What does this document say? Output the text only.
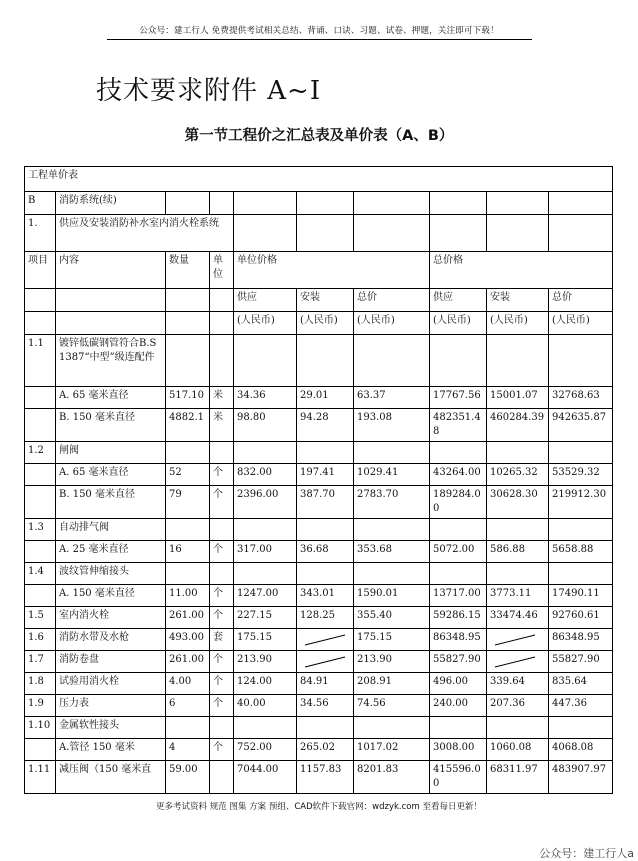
公众号：建工行人 免费提供考试相关总结、背诵、口诀、习题、试卷、押题，关注即可下载！
技术要求附件 A~I
第一节工程价之汇总表及单价表（A、B）
工程单价表									
B	消防系统(续)								
1.	供应及安装消防补水室内消火栓系统								
项目	内容	数量	单位	单位价格			总价格		
				供应	安装	总价	供应	安装	总价
				(人民币)	(人民币)	(人民币)	(人民币)	(人民币)	(人民币)
1.1	镀锌低碳钢管符合B.S1387“中型”级连配件								
	A. 65 毫米直径	517.10	米	34.36	29.01	63.37	17767.56	15001.07	32768.63
	B. 150 毫米直径	4882.1	米	98.80	94.28	193.08	482351.48	460284.39	942635.87
1.2	闸阀								
	A. 65 毫米直径	52	个	832.00	197.41	1029.41	43264.00	10265.32	53529.32
	B. 150 毫米直径	79	个	2396.00	387.70	2783.70	189284.00	30628.30	219912.30
1.3	自动排气阀								
	A. 25 毫米直径	16	个	317.00	36.68	353.68	5072.00	586.88	5658.88
1.4	波纹管伸缩接头								
	A. 150 毫米直径	11.00	个	1247.00	343.01	1590.01	13717.00	3773.11	17490.11
1.5	室内消火栓	261.00	个	227.15	128.25	355.40	59286.15	33474.46	92760.61
1.6	消防水带及水枪	493.00	套	175.15		175.15	86348.95		86348.95
1.7	消防卷盘	261.00	个	213.90		213.90	55827.90		55827.90
1.8	试验用消火栓	4.00	个	124.00	84.91	208.91	496.00	339.64	835.64
1.9	压力表	6	个	40.00	34.56	74.56	240.00	207.36	447.36
1.10	金属软性接头								
	A.管径 150 毫米	4	个	752.00	265.02	1017.02	3008.00	1060.08	4068.08
1.11	减压阀（150 毫米直	59.00		7044.00	1157.83	8201.83	415596.00	68311.97	483907.97
更多考试资料 规范 图集 方案 预组、CAD软件下载官网：wdzyk.com 至看每日更新！
公众号：建工行人a
